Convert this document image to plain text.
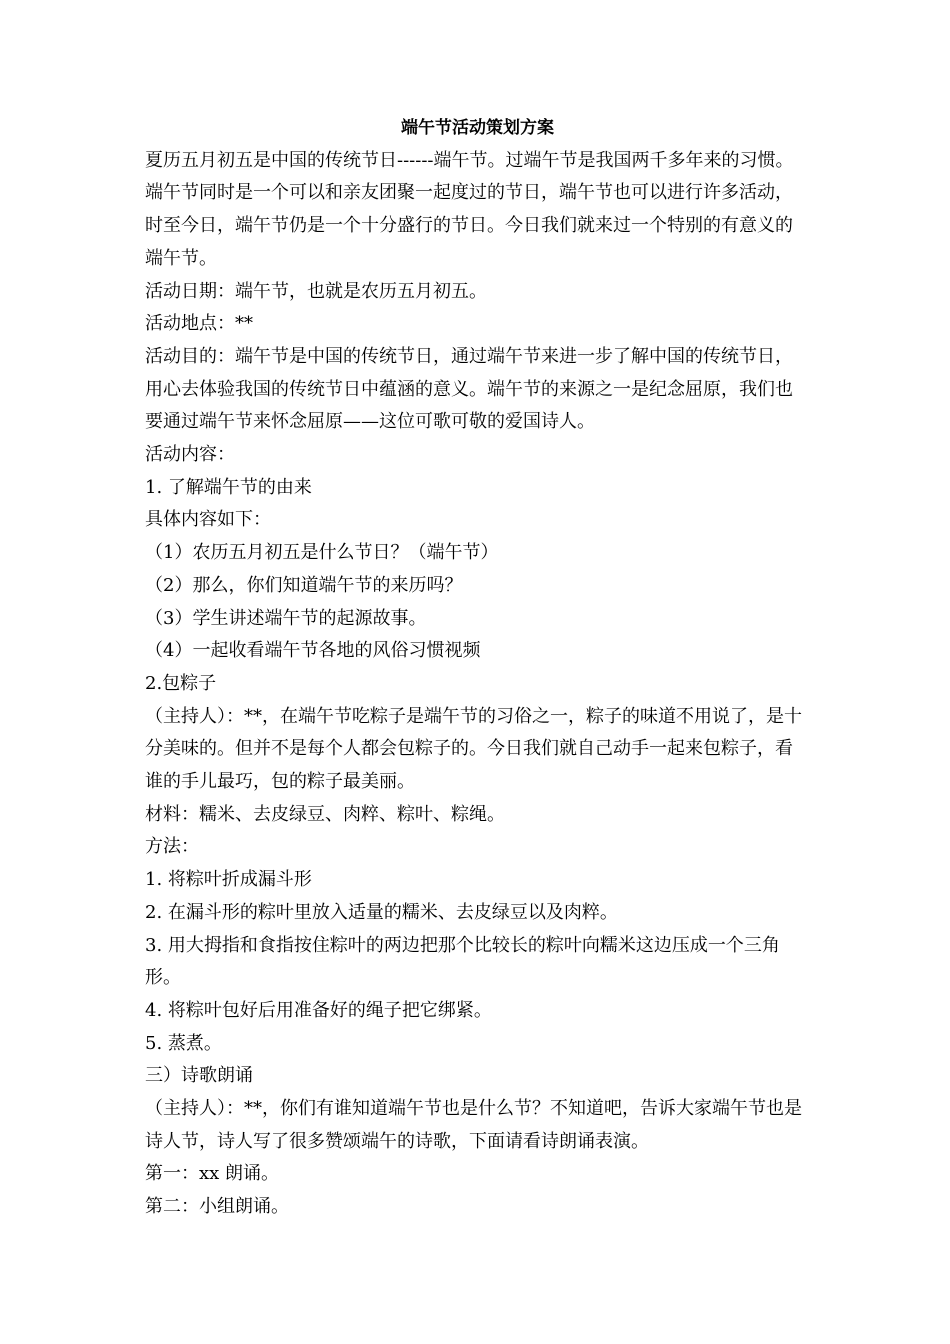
端午节活动策划方案
夏历五月初五是中国的传统节日------端午节。过端午节是我国两千多年来的习惯。端午节同时是一个可以和亲友团聚一起度过的节日，端午节也可以进行许多活动，时至今日，端午节仍是一个十分盛行的节日。今日我们就来过一个特别的有意义的端午节。
活动日期：端午节，也就是农历五月初五。
活动地点：**
活动目的：端午节是中国的传统节日，通过端午节来进一步了解中国的传统节日，用心去体验我国的传统节日中蕴涵的意义。端午节的来源之一是纪念屈原，我们也要通过端午节来怀念屈原——这位可歌可敬的爱国诗人。
活动内容：
1. 了解端午节的由来
具体内容如下：
（1）农历五月初五是什么节日？（端午节）
（2）那么，你们知道端午节的来历吗？
（3）学生讲述端午节的起源故事。
（4）一起收看端午节各地的风俗习惯视频
2.包粽子
（主持人）：**，在端午节吃粽子是端午节的习俗之一，粽子的味道不用说了，是十分美味的。但并不是每个人都会包粽子的。今日我们就自己动手一起来包粽子，看谁的手儿最巧，包的粽子最美丽。
材料：糯米、去皮绿豆、肉粹、粽叶、粽绳。
方法：
1. 将粽叶折成漏斗形
2. 在漏斗形的粽叶里放入适量的糯米、去皮绿豆以及肉粹。
3. 用大拇指和食指按住粽叶的两边把那个比较长的粽叶向糯米这边压成一个三角形。
4. 将粽叶包好后用准备好的绳子把它绑紧。
5. 蒸煮。
三）诗歌朗诵
（主持人）：**，你们有谁知道端午节也是什么节？不知道吧，告诉大家端午节也是诗人节，诗人写了很多赞颂端午的诗歌，下面请看诗朗诵表演。
第一：xx 朗诵。
第二：小组朗诵。
